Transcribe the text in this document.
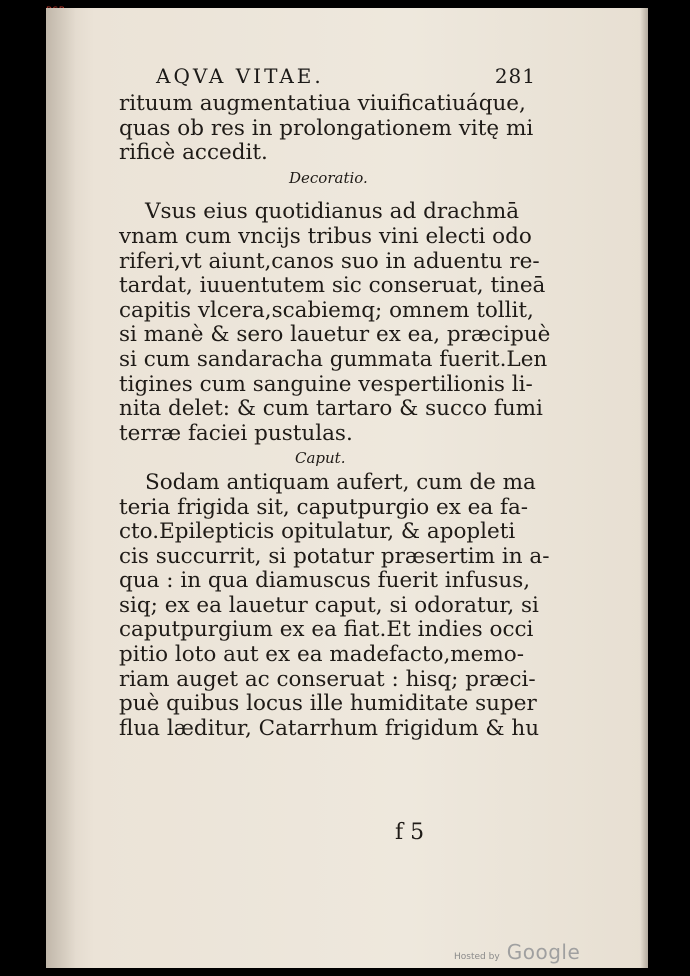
AQVA VITAE.	281
rituum augmentatiua viuificatiuáque,
quas ob res in prolongationem vitę mi
rificè accedit.
Decoratio.
Vsus eius quotidianus ad drachmā
vnam cum vncijs tribus vini electi odo
riferi,vt aiunt,canos suo in aduentu re-
tardat, iuuentutem sic conseruat, tineā
capitis vlcera,scabiemq; omnem tollit,
si manè & sero lauetur ex ea, præcipuè
si cum sandaracha gummata fuerit.Len
tigines cum sanguine vespertilionis li-
nita delet: & cum tartaro & succo fumi
terræ faciei pustulas.
Caput.
Sodam antiquam aufert, cum de ma
teria frigida sit, caputpurgio ex ea fa-
cto.Epilepticis opitulatur, & apopleti
cis succurrit, si potatur præsertim in a-
qua : in qua diamuscus fuerit infusus,
siq; ex ea lauetur caput, si odoratur, si
caputpurgium ex ea fiat.Et indies occi
pitio loto aut ex ea madefacto,memo-
riam auget ac conseruat : hisq; præci-
puè quibus locus ille humiditate super
flua læditur, Catarrhum frigidum & hu
f 5
Hosted by Google
